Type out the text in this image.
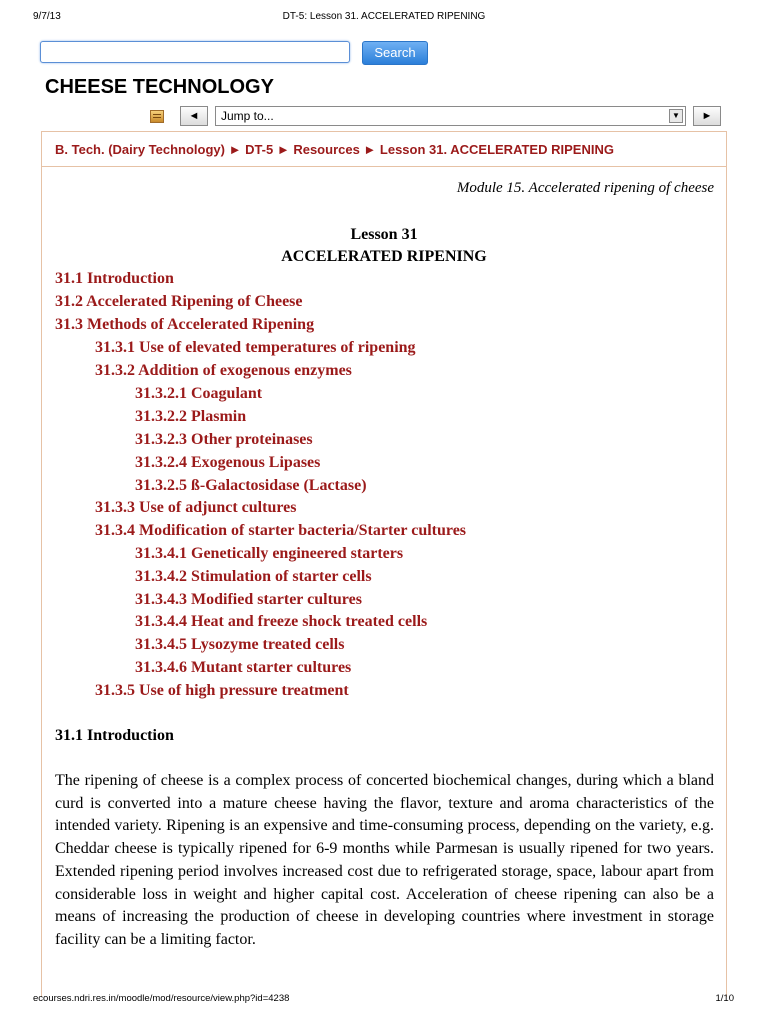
9/7/13	DT-5: Lesson 31. ACCELERATED RIPENING
Search
CHEESE TECHNOLOGY
◄	Jump to...	▼	►
B. Tech. (Dairy Technology) ► DT-5 ► Resources ► Lesson 31. ACCELERATED RIPENING
Module 15. Accelerated ripening of cheese
Lesson 31
ACCELERATED RIPENING
31.1 Introduction
31.2 Accelerated Ripening of Cheese
31.3 Methods of Accelerated Ripening
31.3.1 Use of elevated temperatures of ripening
31.3.2 Addition of exogenous enzymes
31.3.2.1 Coagulant
31.3.2.2 Plasmin
31.3.2.3 Other proteinases
31.3.2.4 Exogenous Lipases
31.3.2.5 ß-Galactosidase (Lactase)
31.3.3 Use of adjunct cultures
31.3.4 Modification of starter bacteria/Starter cultures
31.3.4.1 Genetically engineered starters
31.3.4.2 Stimulation of starter cells
31.3.4.3 Modified starter cultures
31.3.4.4 Heat and freeze shock treated cells
31.3.4.5 Lysozyme treated cells
31.3.4.6 Mutant starter cultures
31.3.5 Use of high pressure treatment
31.1 Introduction
The ripening of cheese is a complex process of concerted biochemical changes, during which a bland curd is converted into a mature cheese having the flavor, texture and aroma characteristics of the intended variety. Ripening is an expensive and time-consuming process, depending on the variety, e.g. Cheddar cheese is typically ripened for 6-9 months while Parmesan is usually ripened for two years. Extended ripening period involves increased cost due to refrigerated storage, space, labour apart from considerable loss in weight and higher capital cost. Acceleration of cheese ripening can also be a means of increasing the production of cheese in developing countries where investment in storage facility can be a limiting factor.
ecourses.ndri.res.in/moodle/mod/resource/view.php?id=4238	1/10
